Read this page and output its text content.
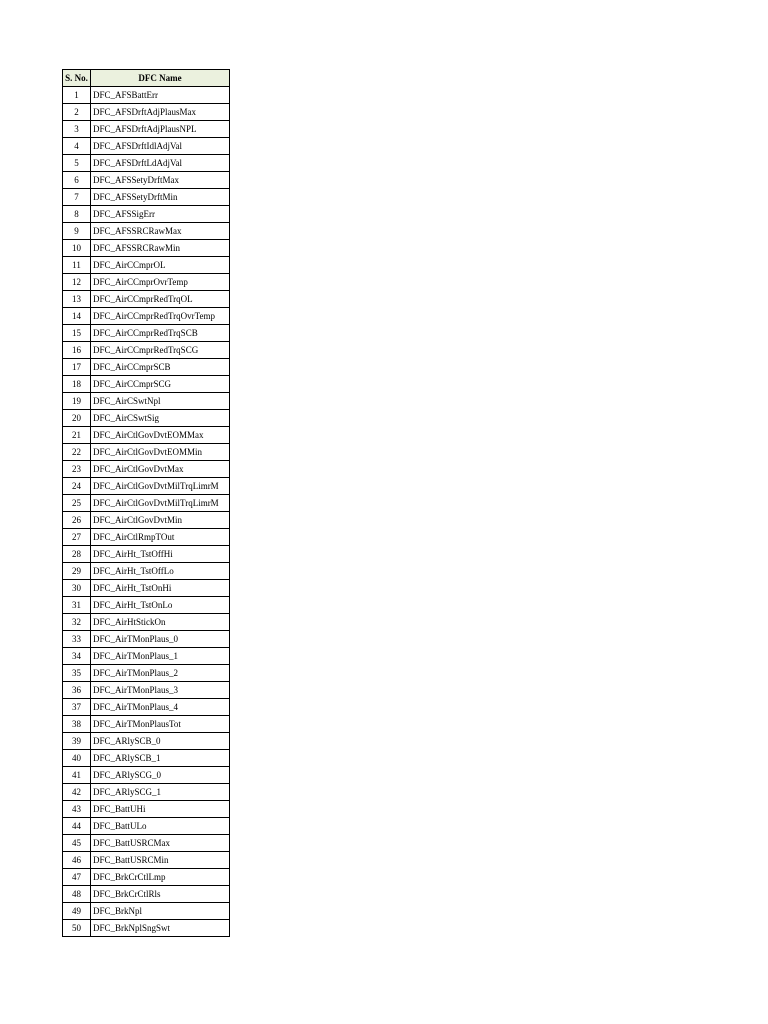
S. No.	DFC Name
1	DFC_AFSBattErr
2	DFC_AFSDrftAdjPlausMax
3	DFC_AFSDrftAdjPlausNPL
4	DFC_AFSDrftIdlAdjVal
5	DFC_AFSDrftLdAdjVal
6	DFC_AFSSetyDrftMax
7	DFC_AFSSetyDrftMin
8	DFC_AFSSigErr
9	DFC_AFSSRCRawMax
10	DFC_AFSSRCRawMin
11	DFC_AirCCmprOL
12	DFC_AirCCmprOvrTemp
13	DFC_AirCCmprRedTrqOL
14	DFC_AirCCmprRedTrqOvrTemp
15	DFC_AirCCmprRedTrqSCB
16	DFC_AirCCmprRedTrqSCG
17	DFC_AirCCmprSCB
18	DFC_AirCCmprSCG
19	DFC_AirCSwtNpl
20	DFC_AirCSwtSig
21	DFC_AirCtlGovDvtEOMMax
22	DFC_AirCtlGovDvtEOMMin
23	DFC_AirCtlGovDvtMax
24	DFC_AirCtlGovDvtMilTrqLimrM
25	DFC_AirCtlGovDvtMilTrqLimrM
26	DFC_AirCtlGovDvtMin
27	DFC_AirCtlRmpTOut
28	DFC_AirHt_TstOffHi
29	DFC_AirHt_TstOffLo
30	DFC_AirHt_TstOnHi
31	DFC_AirHt_TstOnLo
32	DFC_AirHtStickOn
33	DFC_AirTMonPlaus_0
34	DFC_AirTMonPlaus_1
35	DFC_AirTMonPlaus_2
36	DFC_AirTMonPlaus_3
37	DFC_AirTMonPlaus_4
38	DFC_AirTMonPlausTot
39	DFC_ARlySCB_0
40	DFC_ARlySCB_1
41	DFC_ARlySCG_0
42	DFC_ARlySCG_1
43	DFC_BattUHi
44	DFC_BattULo
45	DFC_BattUSRCMax
46	DFC_BattUSRCMin
47	DFC_BrkCrCtlLmp
48	DFC_BrkCrCtlRls
49	DFC_BrkNpl
50	DFC_BrkNplSngSwt
